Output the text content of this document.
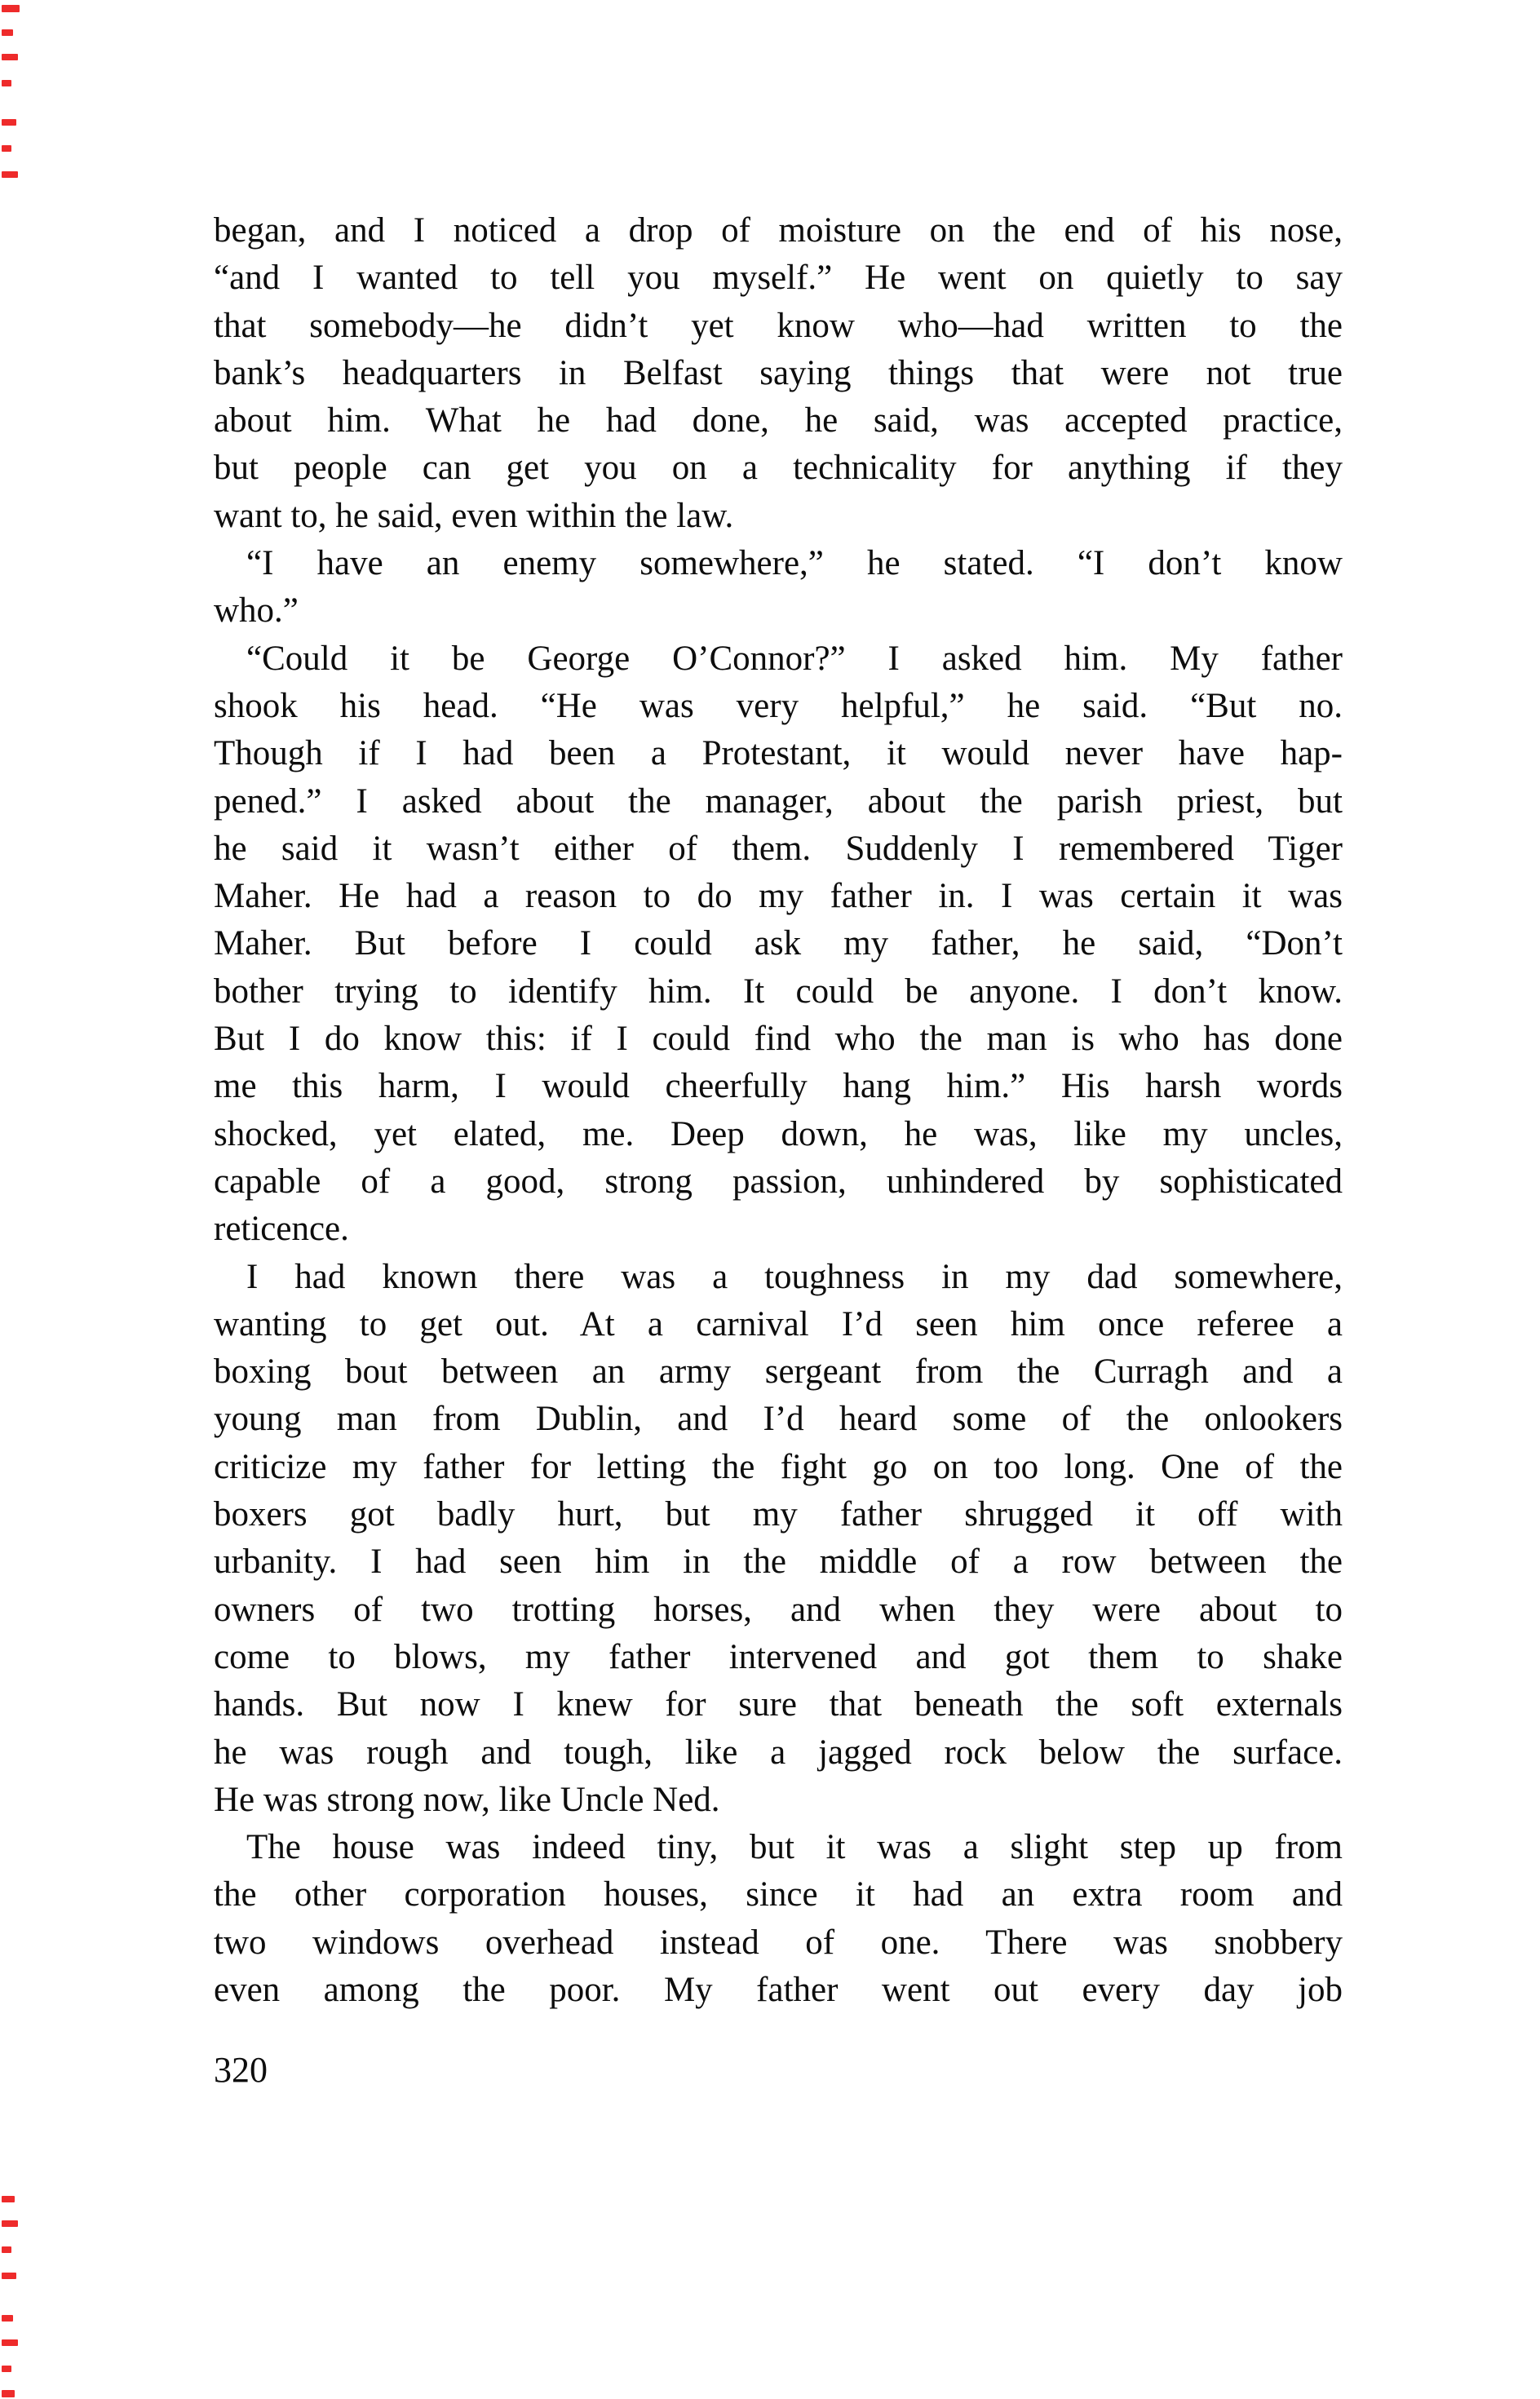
began, and I noticed a drop of moisture on the end of his nose,
“and I wanted to tell you myself.” He went on quietly to say
that somebody—he didn’t yet know who—had written to the
bank’s headquarters in Belfast saying things that were not true
about him. What he had done, he said, was accepted practice,
but people can get you on a technicality for anything if they
want to, he said, even within the law.
“I have an enemy somewhere,” he stated. “I don’t know
who.”
“Could it be George O’Connor?” I asked him. My father
shook his head. “He was very helpful,” he said. “But no.
Though if I had been a Protestant, it would never have hap-
pened.” I asked about the manager, about the parish priest, but
he said it wasn’t either of them. Suddenly I remembered Tiger
Maher. He had a reason to do my father in. I was certain it was
Maher. But before I could ask my father, he said, “Don’t
bother trying to identify him. It could be anyone. I don’t know.
But I do know this: if I could find who the man is who has done
me this harm, I would cheerfully hang him.” His harsh words
shocked, yet elated, me. Deep down, he was, like my uncles,
capable of a good, strong passion, unhindered by sophisticated
reticence.
I had known there was a toughness in my dad somewhere,
wanting to get out. At a carnival I’d seen him once referee a
boxing bout between an army sergeant from the Curragh and a
young man from Dublin, and I’d heard some of the onlookers
criticize my father for letting the fight go on too long. One of the
boxers got badly hurt, but my father shrugged it off with
urbanity. I had seen him in the middle of a row between the
owners of two trotting horses, and when they were about to
come to blows, my father intervened and got them to shake
hands. But now I knew for sure that beneath the soft externals
he was rough and tough, like a jagged rock below the surface.
He was strong now, like Uncle Ned.
The house was indeed tiny, but it was a slight step up from
the other corporation houses, since it had an extra room and
two windows overhead instead of one. There was snobbery
even among the poor. My father went out every day job
320
